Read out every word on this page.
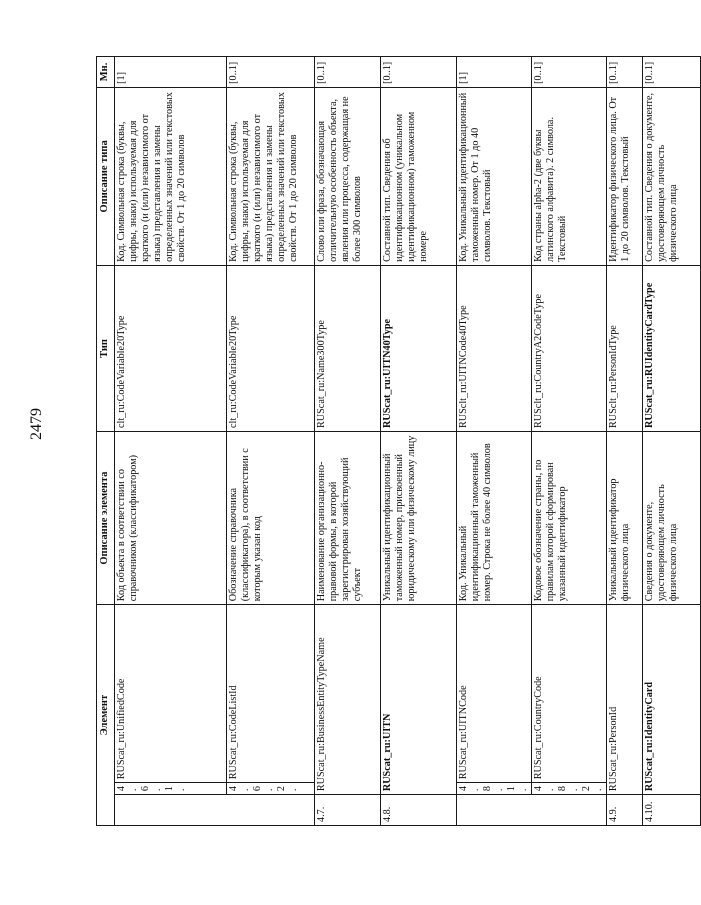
2479
Элемент			Описание элемента	Тип	Описание типа	Мн.
	4.6.1.	RUScat_ru:UnifiedCode	Код объекта в соответствии со справочником (классификатором)	clt_ru:CodeVariable20Type	Код. Символьная строка (буквы, цифры, знаки) используемая для краткого (и (или) независимого от языка) представления и замены определенных значений или текстовых свойств. От 1 до 20 символов	[1]
	4.6.2.	RUScat_ru:CodeListId	Обозначение справочника (классификатора), в соответствии с которым указан код	clt_ru:CodeVariable20Type	Код. Символьная строка (буквы, цифры, знаки) используемая для краткого (и (или) независимого от языка) представления и замены определенных значений или текстовых свойств. От 1 до 20 символов	[0..1]
4.7.	RUScat_ru:BusinessEntityTypeName		Наименование организационно-правовой формы, в которой зарегистрирован хозяйствующий субъект	RUScat_ru:Name300Type	Слово или фраза, обозначающая отличительную особенность объекта, явления или процесса, содержащая не более 300 символов	[0..1]
4.8.	RUScat_ru:UITN		Уникальный идентификационный таможенный номер, присвоенный юридическому или физическому лицу	RUScat_ru:UITN40Type	Составной тип. Сведения об идентификационном (уникальном идентификационном) таможенном номере	[0..1]
	4.8.1.	RUScat_ru:UITNCode	Код. Уникальный идентификационный таможенный номер. Строка не более 40 символов	RUSclt_ru:UITNCode40Type	Код. Уникальный идентификационный таможенный номер. От 1 до 40 символов. Текстовый	[1]
	4.8.2.	RUScat_ru:CountryCode	Кодовое обозначение страны, по правилам которой сформирован указанный идентификатор	RUSclt_ru:CountryA2CodeType	Код страны alpha-2 (две буквы латинского алфавита). 2 символа. Текстовый	[0..1]
4.9.	RUScat_ru:PersonId		Уникальный идентификатор физического лица	RUSclt_ru:PersonIdType	Идентификатор физического лица. От 1 до 20 символов. Текстовый	[0..1]
4.10.	RUScat_ru:IdentityCard		Сведения о документе, удостоверяющем личность физического лица	RUScat_ru:RUIdentityCardType	Составной тип. Сведения о документе, удостоверяющем личность физического лица	[0..1]
